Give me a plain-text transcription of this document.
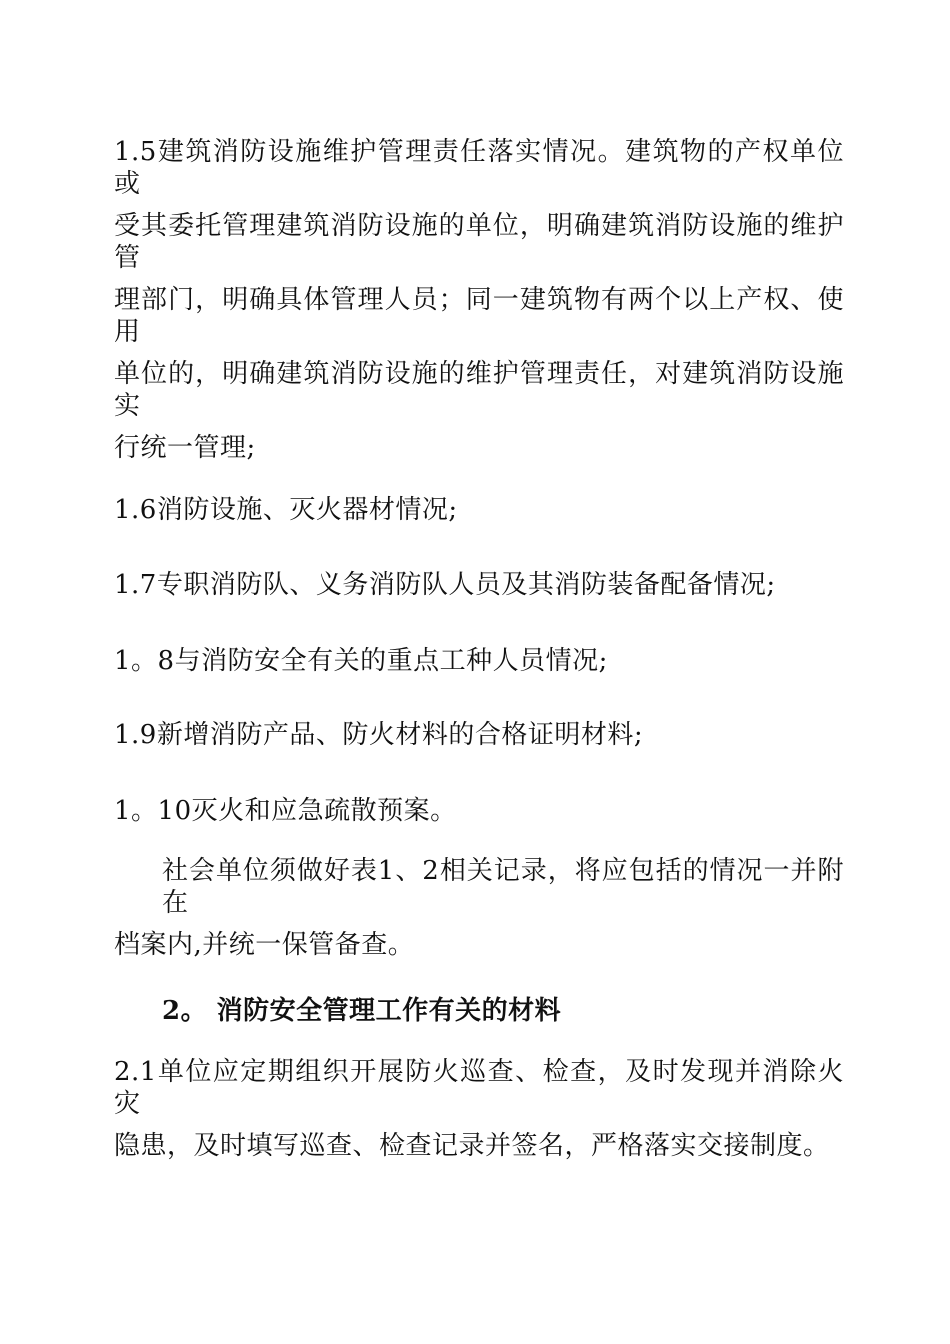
1.5建筑消防设施维护管理责任落实情况。建筑物的产权单位或
受其委托管理建筑消防设施的单位，明确建筑消防设施的维护管
理部门，明确具体管理人员；同一建筑物有两个以上产权、使用
单位的，明确建筑消防设施的维护管理责任，对建筑消防设施实
行统一管理;
1.6消防设施、灭火器材情况;
1.7专职消防队、义务消防队人员及其消防装备配备情况;
1。8与消防安全有关的重点工种人员情况;
1.9新增消防产品、防火材料的合格证明材料;
1。10灭火和应急疏散预案。
社会单位须做好表1、2相关记录，将应包括的情况一并附在
档案内,并统一保管备查。
2。 消防安全管理工作有关的材料
2.1单位应定期组织开展防火巡查、检查，及时发现并消除火灾
隐患，及时填写巡查、检查记录并签名，严格落实交接制度。
